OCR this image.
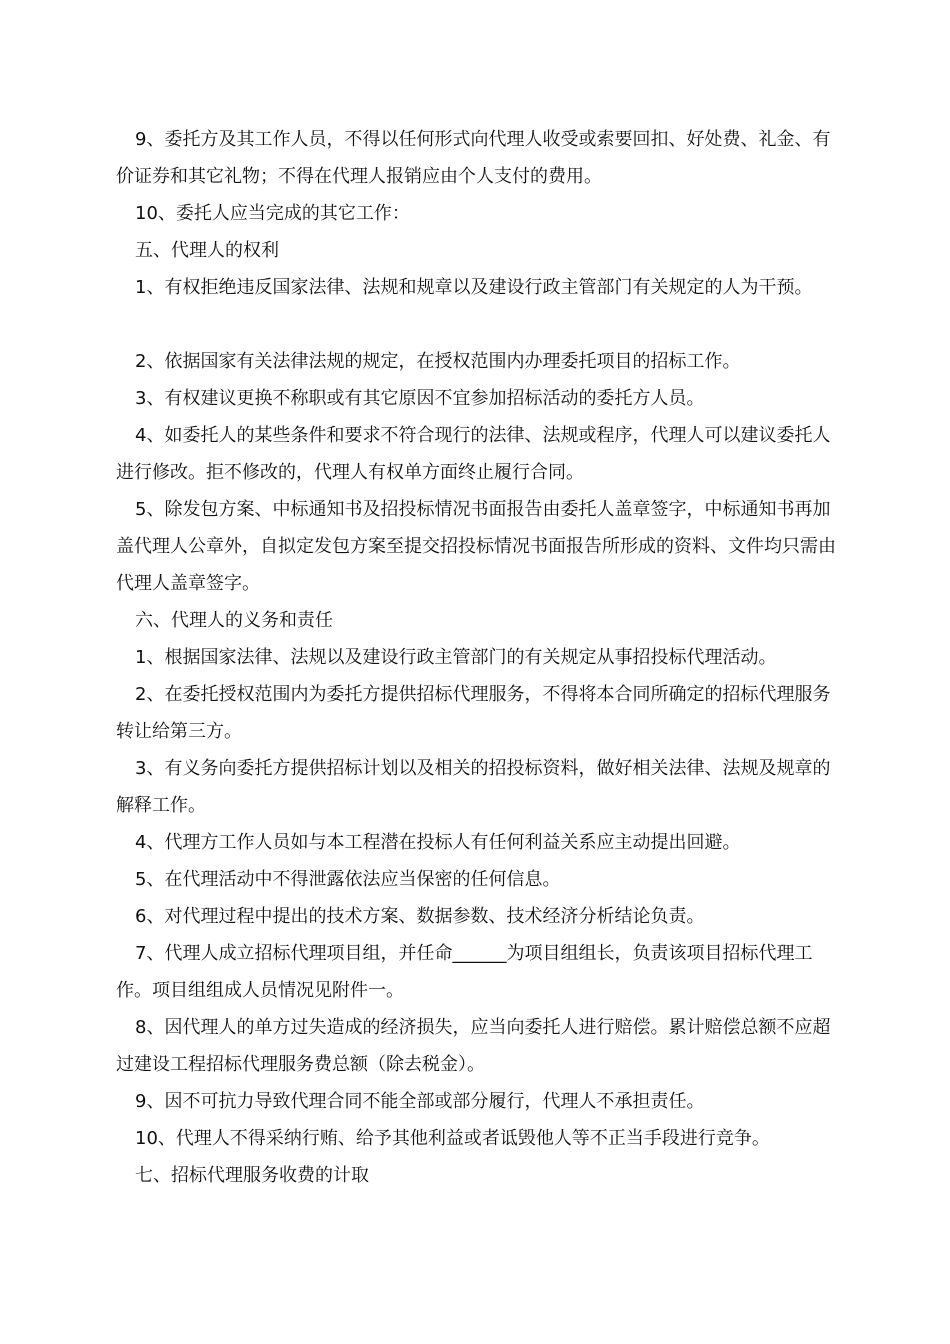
9、委托方及其工作人员，不得以任何形式向代理人收受或索要回扣、好处费、礼金、有价证券和其它礼物；不得在代理人报销应由个人支付的费用。

10、委托人应当完成的其它工作：

五、代理人的权利

1、有权拒绝违反国家法律、法规和规章以及建设行政主管部门有关规定的人为干预。

2、依据国家有关法律法规的规定，在授权范围内办理委托项目的招标工作。

3、有权建议更换不称职或有其它原因不宜参加招标活动的委托方人员。

4、如委托人的某些条件和要求不符合现行的法律、法规或程序，代理人可以建议委托人进行修改。拒不修改的，代理人有权单方面终止履行合同。

5、除发包方案、中标通知书及招投标情况书面报告由委托人盖章签字，中标通知书再加盖代理人公章外，自拟定发包方案至提交招投标情况书面报告所形成的资料、文件均只需由代理人盖章签字。

六、代理人的义务和责任

1、根据国家法律、法规以及建设行政主管部门的有关规定从事招投标代理活动。

2、在委托授权范围内为委托方提供招标代理服务，不得将本合同所确定的招标代理服务转让给第三方。

3、有义务向委托方提供招标计划以及相关的招投标资料，做好相关法律、法规及规章的解释工作。

4、代理方工作人员如与本工程潜在投标人有任何利益关系应主动提出回避。

5、在代理活动中不得泄露依法应当保密的任何信息。

6、对代理过程中提出的技术方案、数据参数、技术经济分析结论负责。

7、代理人成立招标代理项目组，并任命______为项目组组长，负责该项目招标代理工作。项目组组成人员情况见附件一。

8、因代理人的单方过失造成的经济损失，应当向委托人进行赔偿。累计赔偿总额不应超过建设工程招标代理服务费总额（除去税金）。

9、因不可抗力导致代理合同不能全部或部分履行，代理人不承担责任。

10、代理人不得采纳行贿、给予其他利益或者诋毁他人等不正当手段进行竞争。

七、招标代理服务收费的计取
